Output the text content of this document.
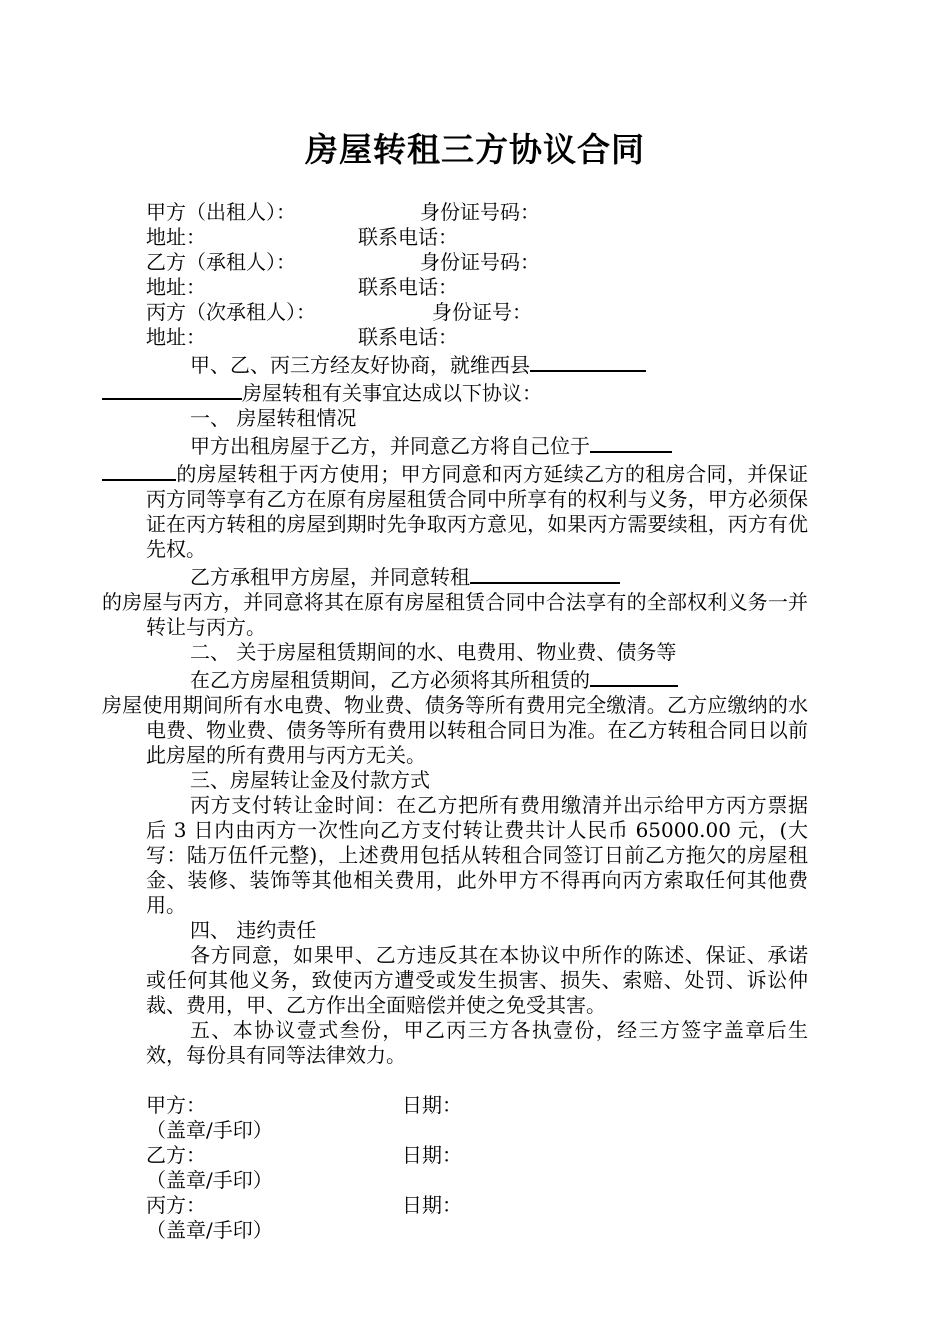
房屋转租三方协议合同
甲方（出租人）：	身份证号码：
地址：	联系电话：
乙方（承租人）：	身份证号码：
地址：	联系电话：
丙方（次承租人）：	身份证号：
地址：	联系电话：
甲、乙、丙三方经友好协商，就维西县
房屋转租有关事宜达成以下协议：
一、 房屋转租情况
甲方出租房屋于乙方，并同意乙方将自己位于
的房屋转租于丙方使用；甲方同意和丙方延续乙方的租房合同，并保证丙方同等享有乙方在原有房屋租赁合同中所享有的权利与义务，甲方必须保证在丙方转租的房屋到期时先争取丙方意见，如果丙方需要续租，丙方有优先权。
乙方承租甲方房屋，并同意转租
的房屋与丙方，并同意将其在原有房屋租赁合同中合法享有的全部权利义务一并转让与丙方。
二、 关于房屋租赁期间的水、电费用、物业费、债务等
在乙方房屋租赁期间，乙方必须将其所租赁的
房屋使用期间所有水电费、物业费、债务等所有费用完全缴清。乙方应缴纳的水电费、物业费、债务等所有费用以转租合同日为准。在乙方转租合同日以前此房屋的所有费用与丙方无关。
三、房屋转让金及付款方式
丙方支付转让金时间：在乙方把所有费用缴清并出示给甲方丙方票据后 3 日内由丙方一次性向乙方支付转让费共计人民币 65000.00 元，(大写：陆万伍仟元整)，上述费用包括从转租合同签订日前乙方拖欠的房屋租金、装修、装饰等其他相关费用，此外甲方不得再向丙方索取任何其他费用。
四、 违约责任
各方同意，如果甲、乙方违反其在本协议中所作的陈述、保证、承诺或任何其他义务，致使丙方遭受或发生损害、损失、索赔、处罚、诉讼仲裁、费用，甲、乙方作出全面赔偿并使之免受其害。
五、本协议壹式叁份，甲乙丙三方各执壹份，经三方签字盖章后生效，每份具有同等法律效力。
甲方：	日期：
（盖章/手印）
乙方：	日期：
（盖章/手印）
丙方：	日期：
（盖章/手印）
